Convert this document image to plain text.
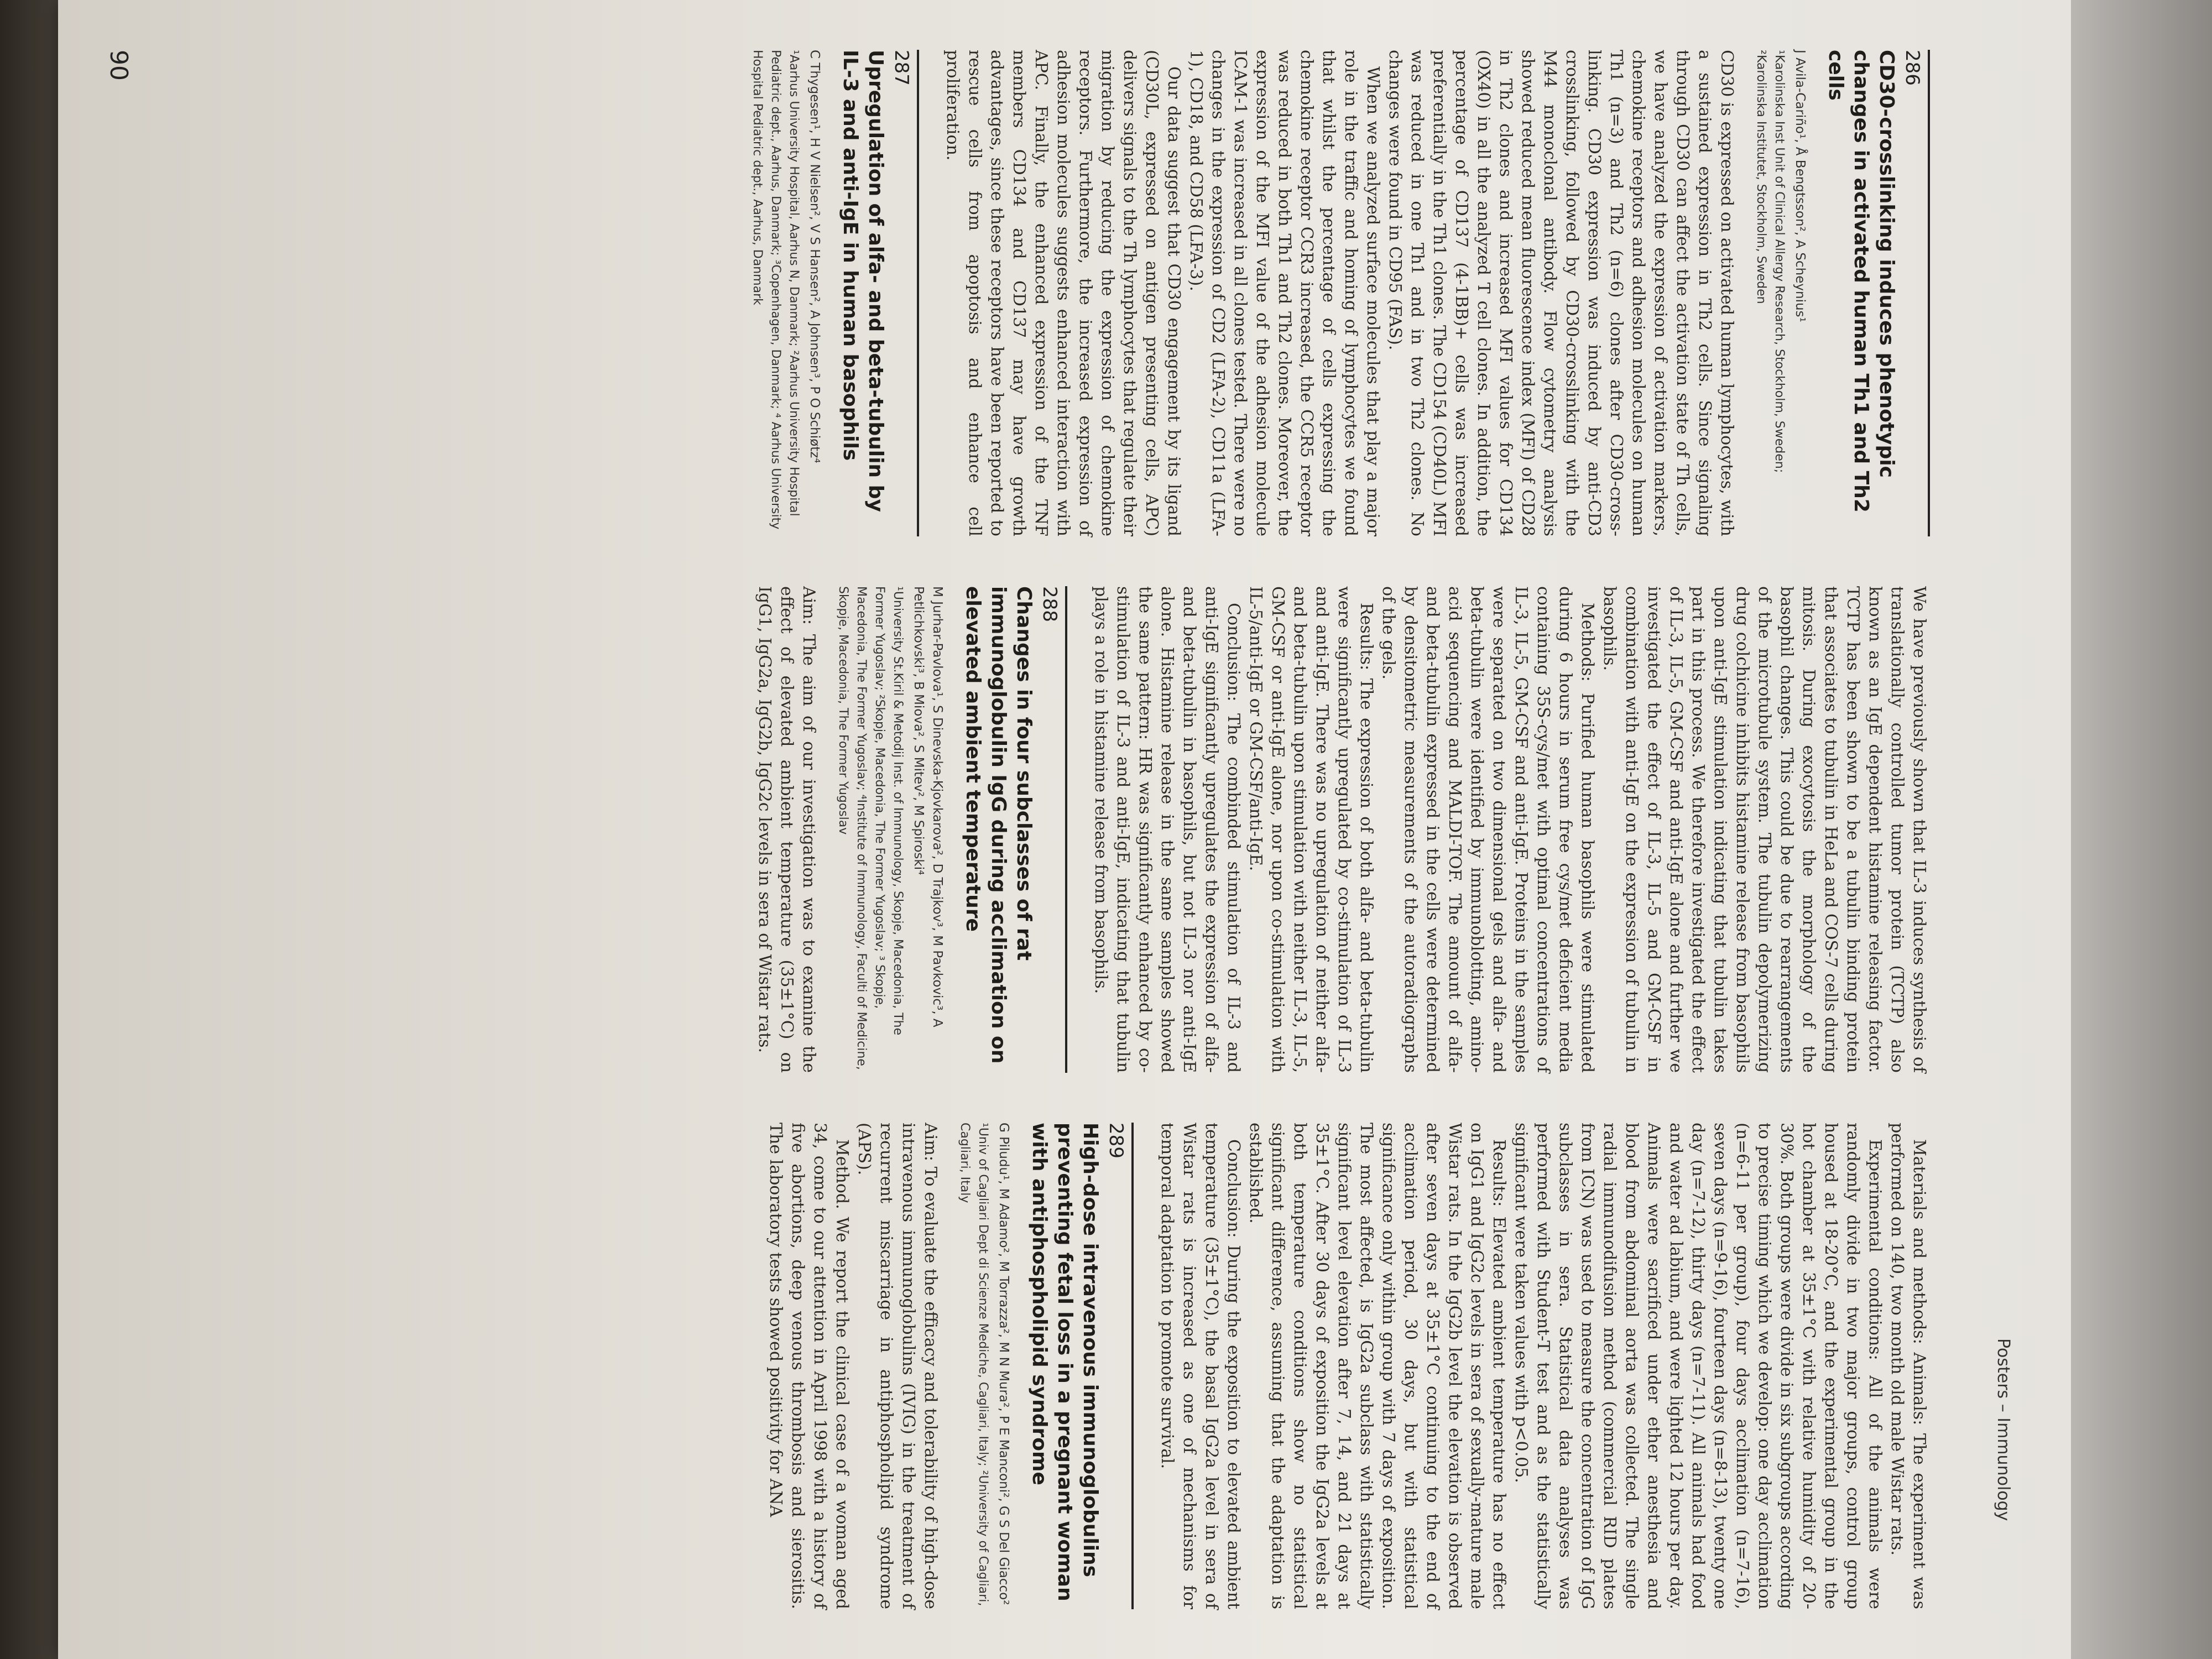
Posters – Immunology
286
CD30-crosslinking induces phenotypic changes in activated human Th1 and Th2 cells
J Avila-Cariño¹, Å Bengtsson², A Scheynius¹
¹Karolinska Inst Unit of Clinical Allergy Research, Stockholm, Sweden; ²Karolinska Institutet, Stockholm, Sweden

CD30 is expressed on activated human lymphocytes, with a sustained expression in Th2 cells. Since signaling through CD30 can affect the activation state of Th cells, we have analyzed the expression of activation markers, chemokine receptors and adhesion molecules on human Th1 (n=3) and Th2 (n=6) clones after CD30-cross-linking. CD30 expression was induced by anti-CD3 crosslinking, followed by CD30-crosslinking with the M44 monoclonal antibody. Flow cytometry analysis showed reduced mean fluorescence index (MFI) of CD28 in Th2 clones and increased MFI values for CD134 (OX40) in all the analyzed T cell clones. In addition, the percentage of CD137 (4-1BB)+ cells was increased preferentially in the Th1 clones. The CD154 (CD40L) MFI was reduced in one Th1 and in two Th2 clones. No changes were found in CD95 (FAS).

When we analyzed surface molecules that play a major role in the traffic and homing of lymphocytes we found that whilst the percentage of cells expressing the chemokine receptor CCR3 increased, the CCR5 receptor was reduced in both Th1 and Th2 clones. Moreover, the expression of the MFI value of the adhesion molecule ICAM-1 was increased in all clones tested. There were no changes in the expression of CD2 (LFA-2), CD11a (LFA-1), CD18, and CD58 (LFA-3).

Our data suggest that CD30 engagement by its ligand (CD30L, expressed on antigen presenting cells, APC) delivers signals to the Th lymphocytes that regulate their migration by reducing the expression of chemokine receptors. Furthermore, the increased expression of adhesion molecules suggests enhanced interaction with APC. Finally, the enhanced expression of the TNF members CD134 and CD137 may have growth advantages, since these receptors have been reported to rescue cells from apoptosis and enhance cell proliferation.

287
Upregulation of alfa- and beta-tubulin by IL-3 and anti-IgE in human basophils
C Thygesen¹, H V Nielsen², V S Hansen², A Johnsen³, P O Schiøtz⁴
¹Aarhus University Hospital, Aarhus N, Danmark; ²Aarhus University Hospital Pediatric dept., Aarhus, Danmark; ³Copenhagen, Danmark; ⁴ Aarhus University Hospital Pediatric dept., Aarhus, Danmark

We have previously shown that IL-3 induces synthesis of translationally controlled tumor protein (TCTP) also known as an IgE dependent histamine releasing factor. TCTP has been shown to be a tubulin binding protein that associates to tubulin in HeLa and COS-7 cells during mitosis. During exocytosis the morphology of the basophil changes. This could be due to rearrangements of the microtubule system. The tubulin depolymerizing drug colchicine inhibits histamine release from basophils upon anti-IgE stimulation indicating that tubulin takes part in this process. We therefore investigated the effect of IL-3, IL-5, GM-CSF and anti-IgE alone and further we investigated the effect of IL-3, IL-5 and GM-CSF in combination with anti-IgE on the expression of tubulin in basophils.

Methods: Purified human basophils were stimulated during 6 hours in serum free cys/met deficient media containing 35S-cys/met with optimal concentrations of IL-3, IL-5, GM-CSF and anti-IgE. Proteins in the samples were separated on two dimensional gels and alfa- and beta-tubulin were identified by immunoblotting, amino-acid sequencing and MALDI-TOF. The amount of alfa- and beta-tubulin expressed in the cells were determined by densitometric measurements of the autoradiographs of the gels.

Results: The expression of both alfa- and beta-tubulin were significantly upregulated by co-stimulation of IL-3 and anti-IgE. There was no upregulation of neither alfa- and beta-tubulin upon stimulation with neither IL-3, IL-5, GM-CSF or anti-IgE alone, nor upon co-stimulation with IL-5/anti-IgE or GM-CSF/anti-IgE.

Conclusion: The combinded stimulation of IL-3 and anti-IgE significantly upregulates the expression of alfa- and beta-tubulin in basophils, but not IL-3 nor anti-IgE alone. Histamine release in the same samples showed the same pattern: HR was significantly enhanced by co-stimulation of IL-3 and anti-IgE, indicating that tubulin plays a role in histamine release from basophils.

288
Changes in four subclasses of rat immunoglobulin IgG during acclimation on elevated ambient temperature
M Jurhar-Pavlova¹, S Dinevska-Kjovkarova², D Trajkov³, M Pavkovic³, A Petlichkovski³, B Miova², S Mitev², M Spiroski⁴
¹University St.Kiril & Metodij Inst. of Immunology, Skopje, Macedonia, The Former Yugoslav; ²Skopje, Macedonia, The Former Yugoslav; ³ Skopje, Macedonia, The Former Yugoslav; ⁴Institute of Immunology, Faculti of Medicine, Skopje, Macedonia, The Former Yugoslav

Aim: The aim of our investigation was to examine the effect of elevated ambient temperature (35±1°C) on IgG1, IgG2a, IgG2b, IgG2c levels in sera of Wistar rats.

Materials and methods: Animals: The experiment was performed on 140, two month old male Wistar rats.

Experimental conditions: All of the animals were randomly divide in two major groups, control group housed at 18-20°C, and the experimental group in the hot chamber at 35±1°C with relative humidity of 20-30%. Both groups were divide in six subgroups according to precise timing which we develop: one day acclimation (n=6-11 per group), four days acclimation (n=7-16), seven days (n=9-16), fourteen days (n=8-13), twenty one day (n=7-12), thirty days (n=7-11). All animals had food and water ad labium, and were lighted 12 hours per day. Animals were sacrificed under ether anesthesia and blood from abdominal aorta was collected. The single radial immunodifusion method (commercial RID plates from ICN) was used to measure the concentration of IgG subclasses in sera. Statistical data analyses was performed with Student-T test and as the statistically significant were taken values with p<0.05.

Results: Elevated ambient temperature has no effect on IgG1 and IgG2c levels in sera of sexually-mature male Wistar rats. In the IgG2b level the elevation is observed after seven days at 35±1°C continuing to the end of acclimation period, 30 days, but with statistical significance only within group with 7 days of exposition. The most affected, is IgG2a subclass with statistically significant level elevation after 7, 14, and 21 days at 35±1°C. After 30 days of exposition the IgG2a levels at both temperature conditions show no statistical significant difference, assuming that the adaptation is established.

Conclusion: During the exposition to elevated ambient temperature (35±1°C), the basal IgG2a level in sera of Wistar rats is increased as one of mechanisms for temporal adaptation to promote survival.

289
High-dose intravenous immunoglobulins preventing fetal loss in a pregnant woman with antiphospholipid syndrome
G Piludu¹, M Adamo², M Torrazza², M N Mura², P E Manconi², G S Del Giacco²
¹Univ of Cagliari Dept di Scienze Mediche, Cagliari, Italy; ²University of Cagliari, Cagliari, Italy

Aim: To evaluate the efficacy and tolerability of high-dose intravenous immunoglobulins (IVIG) in the treatment of recurrent miscarriage in antiphospholipid syndrome (APS).

Method. We report the clinical case of a woman aged 34, come to our attention in April 1998 with a history of five abortions, deep venous thrombosis and sierositis. The laboratory tests showed positivity for ANA

90
